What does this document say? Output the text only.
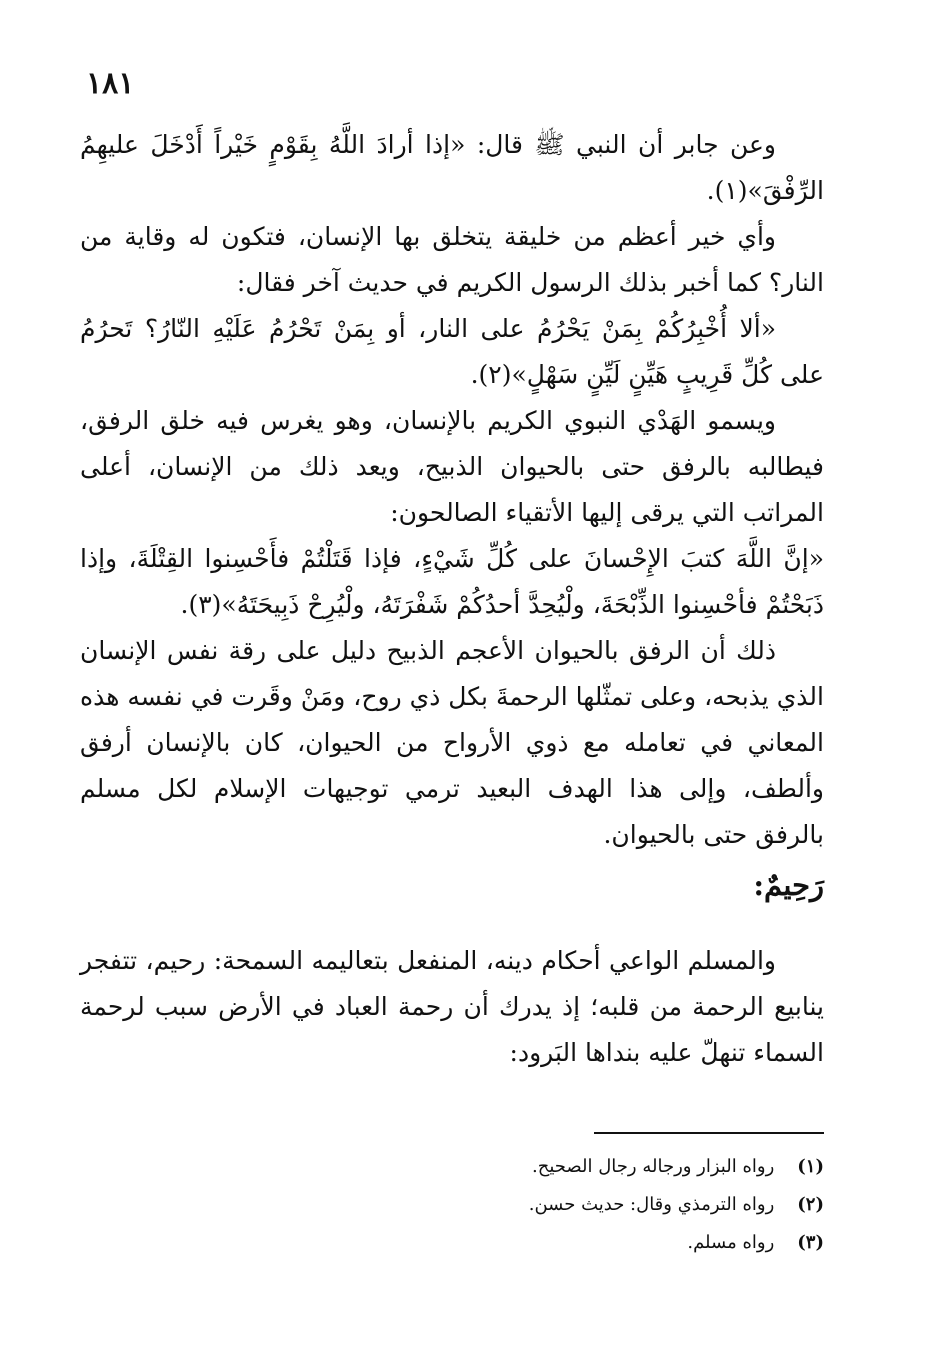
١٨١

وعن جابر أن النبي ﷺ قال: «إذا أرادَ اللَّهُ بِقَوْمٍ خَيْراً أَدْخَلَ عليهِمُ الرِّفْقَ»(١).

وأي خير أعظم من خليقة يتخلق بها الإنسان، فتكون له وقاية من النار؟ كما أخبر بذلك الرسول الكريم في حديث آخر فقال:

«ألا أُخْبِرُكُمْ بِمَنْ يَحْرُمُ على النار، أو بِمَنْ تَحْرُمُ عَلَيْهِ النّارُ؟ تَحرُمُ على كُلِّ قَرِيبٍ هَيِّنٍ لَيِّنٍ سَهْلٍ»(٢).

ويسمو الهَدْي النبوي الكريم بالإنسان، وهو يغرس فيه خلق الرفق، فيطالبه بالرفق حتى بالحيوان الذبيح، ويعد ذلك من الإنسان، أعلى المراتب التي يرقى إليها الأتقياء الصالحون:

«إنَّ اللَّهَ كتبَ الإِحْسانَ على كُلِّ شَيْءٍ، فإذا قَتَلْتُمْ فأَحْسِنوا القِتْلَةَ، وإذا ذَبَحْتُمْ فأحْسِنوا الذِّبْحَةَ، ولْيُحِدَّ أحدُكُمْ شَفْرَتَهُ، ولْيُرِحْ ذَبِيحَتَهُ»(٣).

ذلك أن الرفق بالحيوان الأعجم الذبيح دليل على رقة نفس الإنسان الذي يذبحه، وعلى تمثّلها الرحمةَ بكل ذي روح، ومَنْ وقَرت في نفسه هذه المعاني في تعامله مع ذوي الأرواح من الحيوان، كان بالإنسان أرفق وألطف، وإلى هذا الهدف البعيد ترمي توجيهات الإسلام لكل مسلم بالرفق حتى بالحيوان.

رَحِيمٌ:

والمسلم الواعي أحكام دينه، المنفعل بتعاليمه السمحة: رحيم، تتفجر ينابيع الرحمة من قلبه؛ إذ يدرك أن رحمة العباد في الأرض سبب لرحمة السماء تنهلّ عليه بنداها البَرود:

(١) رواه البزار ورجاله رجال الصحيح.
(٢) رواه الترمذي وقال: حديث حسن.
(٣) رواه مسلم.
